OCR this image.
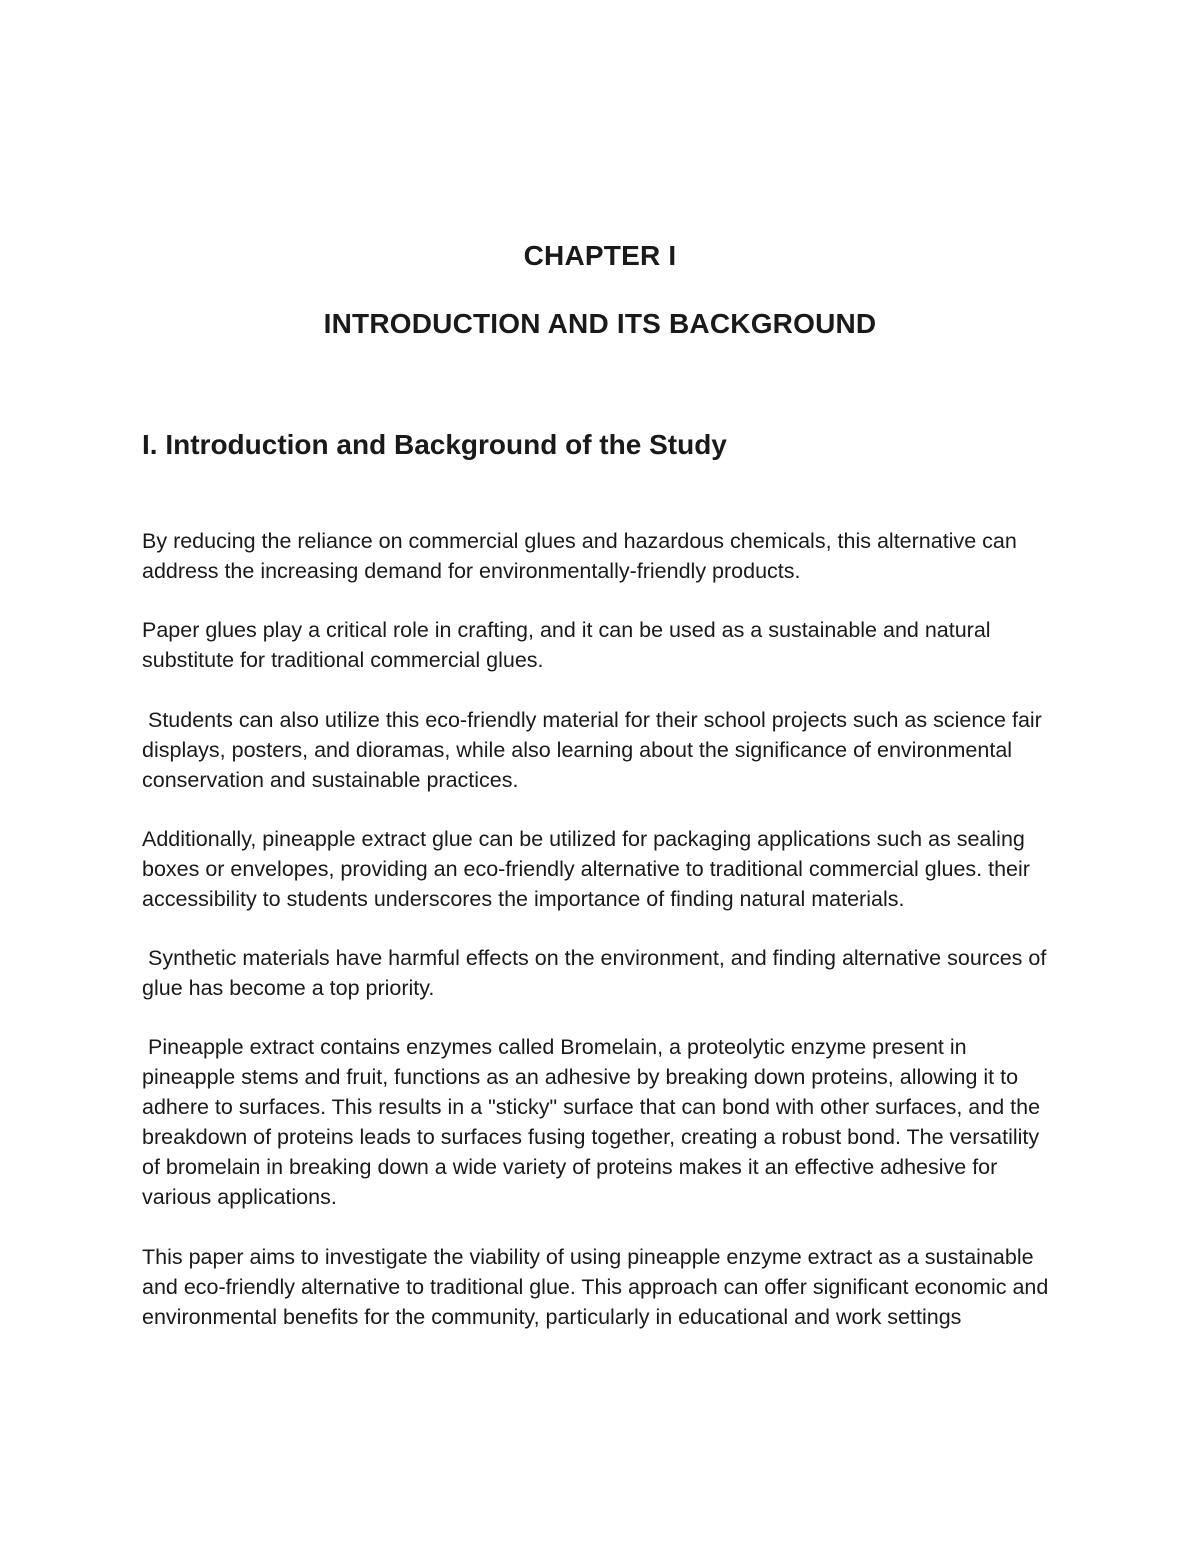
CHAPTER I
INTRODUCTION AND ITS BACKGROUND
I. Introduction and Background of the Study

By reducing the reliance on commercial glues and hazardous chemicals, this alternative can address the increasing demand for environmentally-friendly products.

Paper glues play a critical role in crafting, and it can be used as a sustainable and natural substitute for traditional commercial glues.

Students can also utilize this eco-friendly material for their school projects such as science fair displays, posters, and dioramas, while also learning about the significance of environmental conservation and sustainable practices.

Additionally, pineapple extract glue can be utilized for packaging applications such as sealing boxes or envelopes, providing an eco-friendly alternative to traditional commercial glues. their accessibility to students underscores the importance of finding natural materials.

Synthetic materials have harmful effects on the environment, and finding alternative sources of glue has become a top priority.

Pineapple extract contains enzymes called Bromelain, a proteolytic enzyme present in pineapple stems and fruit, functions as an adhesive by breaking down proteins, allowing it to adhere to surfaces. This results in a "sticky" surface that can bond with other surfaces, and the breakdown of proteins leads to surfaces fusing together, creating a robust bond. The versatility of bromelain in breaking down a wide variety of proteins makes it an effective adhesive for various applications.

This paper aims to investigate the viability of using pineapple enzyme extract as a sustainable and eco-friendly alternative to traditional glue. This approach can offer significant economic and environmental benefits for the community, particularly in educational and work settings
